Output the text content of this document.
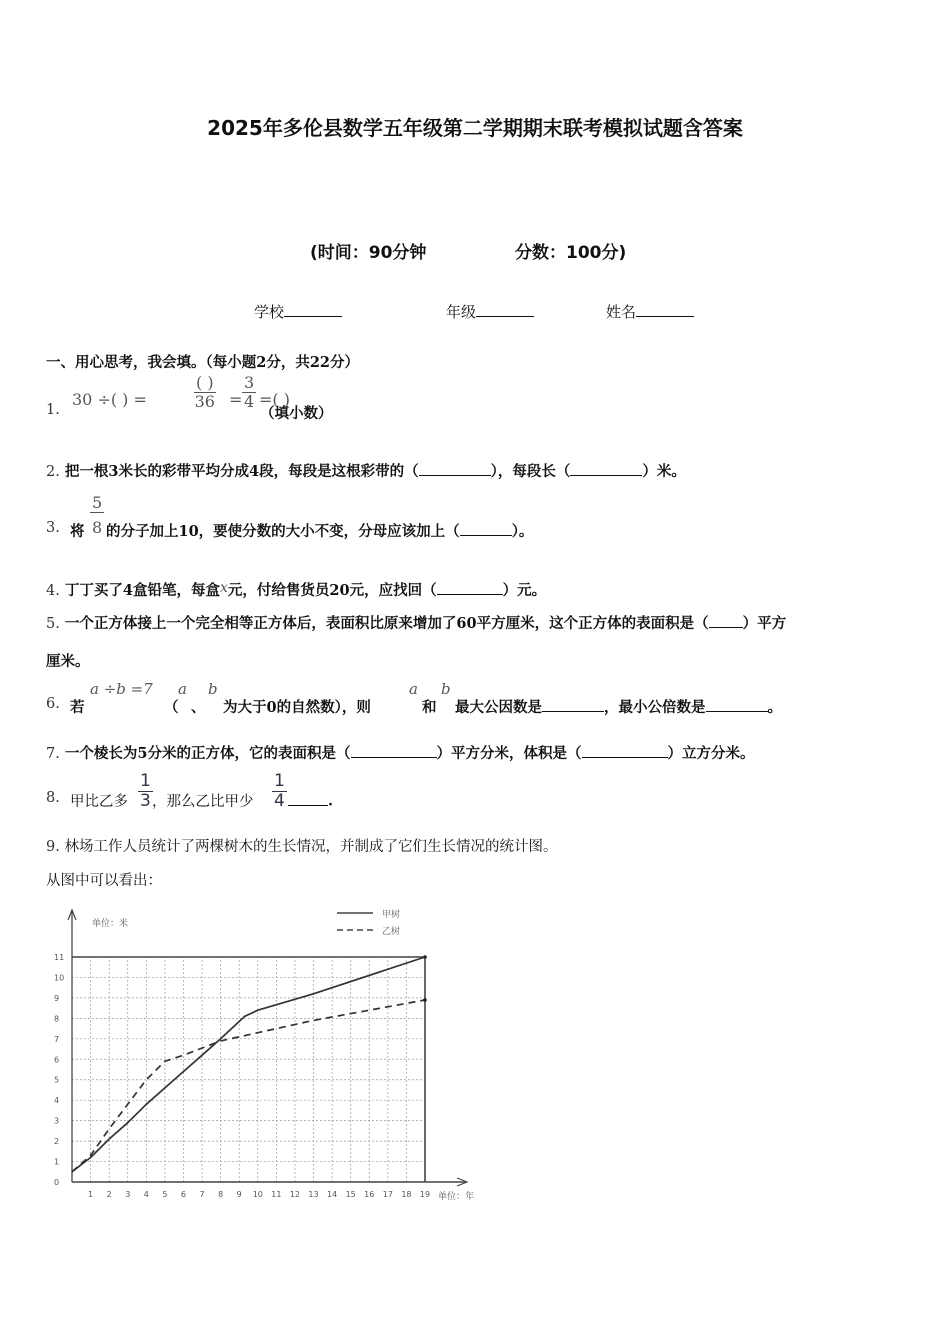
2025年多伦县数学五年级第二学期期末联考模拟试题含答案
(时间：90分钟	分数：100分)
学校	年级	姓名
一、用心思考，我会填。（每小题2分，共22分）
1.
30 ÷( ) =
( )
$36 = \frac{3}{4}$ =( )
（填小数）
2. 把一根3米长的彩带平均分成4段，每段是这根彩带的（	），每段长（	）米。
3. 将 $\frac{5}{8}$ 的分子加上10，要使分数的大小不变，分母应该加上（	）。
4. 丁丁买了4盒铅笔，每盒x元，付给售货员20元，应找回（	）元。
5. 一个正方体接上一个完全相等正方体后，表面积比原来增加了60平方厘米，这个正方体的表面积是（ ）平方
厘米。
6. 若
a ÷b =7
（
a
、
b
为大于0的自然数），则
a
和
b
最大公因数是	，最小公倍数是	。
7. 一个棱长为5分米的正方体，它的表面积是（	）平方分米，体积是（	）立方分米。
8. 甲比乙多 $\frac{1}{3}$ ，那么乙比甲少 $\frac{1}{4}$	.
9. 林场工作人员统计了两棵树木的生长情况，并制成了它们生长情况的统计图。
从图中可以看出：
0
1
2
3
4
5
6
7
8
9
10
11
1 2 3 4 5 6 7 8 9 10 11 12 13 14 15 16 17 18 19
单位：米
单位：年
甲树
乙树
